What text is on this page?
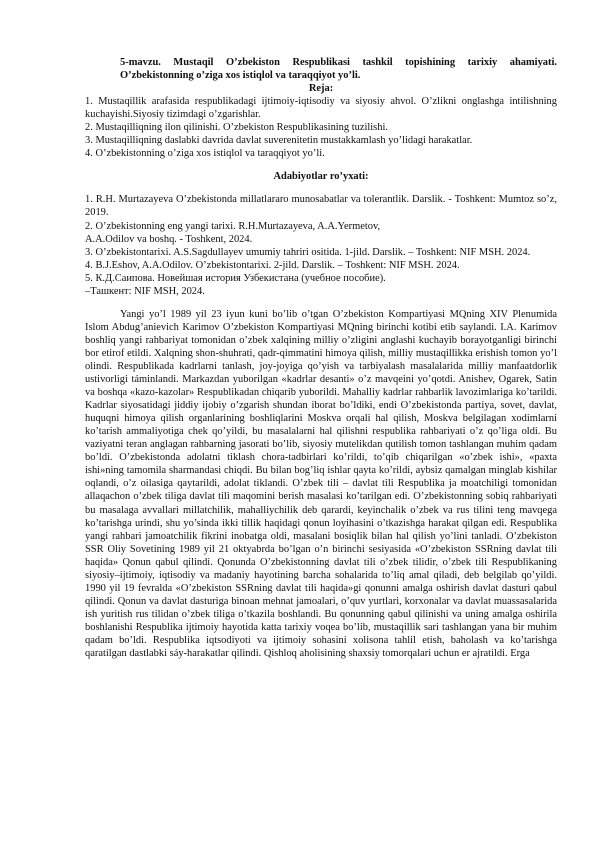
5-mavzu. Mustaqil O’zbekiston Respublikasi tashkil topishining tarixiy ahamiyati. O’zbekistonning o’ziga xos istiqlol va taraqqiyot yo’li.

Reja:

1. Mustaqillik arafasida respublikadagi ijtimoiy-iqtisodiy va siyosiy ahvol. O’zlikni onglashga intilishning kuchayishi.Siyosiy tizimdagi o’zgarishlar.

2. Mustaqilliqning ilon qilinishi. O’zbekiston Respublikasining tuzilishi.

3. Mustaqilliqning daslabki davrida davlat suverenitetin mustakkamlash yo’lidagi harakatlar.

4. O’zbekistonning o’ziga xos istiqlol va taraqqiyot yo’li.

Adabiyotlar ro’yxati:

1. R.H. Murtazayeva O’zbekistonda millatlararo munosabatlar va tolerantlik. Darslik. - Toshkent: Mumtoz so’z, 2019.

2. O’zbekistonning eng yangi tarixi. R.H.Murtazayeva, A.A.Yermetov,

A.A.Odilov va boshq. - Toshkent, 2024.

3. O’zbekistontarixi. A.S.Sagdullayev umumiy tahriri ositida. 1-jild. Darslik. – Toshkent: NIF MSH. 2024.

4. B.J.Eshov, A.A.Odilov. O’zbekistontarixi. 2-jild. Darslik. – Toshkent: NIF MSH. 2024.

5. К.Д.Саипова. Новейшая история Узбекистана (учебное пособие).

–Ташкент: NIF MSH, 2024.

Yangi yo’l 1989 yil 23 iyun kuni bo’lib o’tgan O’zbekiston Kompartiyasi MQning XIV Plenumida Islom Abdug’anievich Karimov O’zbekiston Kompartiyasi MQning birinchi kotibi etib saylandi. I.A. Karimov boshliq yangi rahbariyat tomonidan o’zbek xalqining milliy o’zligini anglashi kuchayib borayotganligi birinchi bor etirof etildi. Xalqning shon-shuhrati, qadr-qimmatini himoya qilish, milliy mustaqillikka erishish tomon yo’l olindi. Respublikada kadrlarni tanlash, joy-joyiga qo’yish va tarbiyalash masalalarida milliy manfaatdorlik ustivorligi táminlandi. Markazdan yuborilgan «kadrlar desanti» o’z mavqeini yo’qotdi. Anishev, Ogarek, Satin va boshqa «kazo-kazolar» Respublikadan chiqarib yuborildi. Mahalliy kadrlar rahbarlik lavozimlariga ko’tarildi. Kadrlar siyosatidagi jiddiy ijobiy o’zgarish shundan iborat bo’ldiki, endi O’zbekistonda partiya, sovet, davlat, huquqni himoya qilish organlarining boshliqlarini Moskva orqali hal qilish, Moskva belgilagan xodimlarni ko’tarish ammaliyotiga chek qo’yildi, bu masalalarni hal qilishni respublika rahbariyati o’z qo’liga oldi. Bu vaziyatni teran anglagan rahbarning jasorati bo’lib, siyosiy mutelikdan qutilish tomon tashlangan muhim qadam bo’ldi. O’zbekistonda adolatni tiklash chora-tadbirlari ko’rildi, to’qib chiqarilgan «o’zbek ishi», «paxta ishi»ning tamomila sharmandasi chiqdi. Bu bilan bog’liq ishlar qayta ko’rildi, aybsiz qamalgan minglab kishilar oqlandi, o’z oilasiga qaytarildi, adolat tiklandi. O’zbek tili – davlat tili Respublika ja moatchiligi tomonidan allaqachon o’zbek tiliga davlat tili maqomini berish masalasi ko’tarilgan edi. O’zbekistonning sobiq rahbariyati bu masalaga avvallari millatchilik, mahalliychilik deb qarardi, keyinchalik o’zbek va rus tilini teng mavqega ko’tarishga urindi, shu yo’sinda ikki tillik haqidagi qonun loyihasini o’tkazishga harakat qilgan edi. Respublika yangi rahbari jamoatchilik fikrini inobatga oldi, masalani bosiqlik bilan hal qilish yo’lini tanladi. O’zbekiston SSR Oliy Sovetining 1989 yil 21 oktyabrda bo’lgan o’n birinchi sesiyasida «O’zbekiston SSRning davlat tili haqida» Qonun qabul qilindi. Qonunda O’zbekistonning davlat tili o’zbek tilidir, o’zbek tili Respublikaning siyosiy–ijtimoiy, iqtisodiy va madaniy hayotining barcha sohalarida to’liq amal qiladi, deb belgilab qo’yildi. 1990 yil 19 fevralda «O’zbekiston SSRning davlat tili haqida»gi qonunni amalga oshirish davlat dasturi qabul qilindi. Qonun va davlat dasturiga binoan mehnat jamoalari, o’quv yurtlari, korxonalar va davlat muassasalarida ish yuritish rus tilidan o’zbek tiliga o’tkazila boshlandi. Bu qonunning qabul qilinishi va uning amalga oshirila boshlanishi Respublika ijtimoiy hayotida katta tarixiy voqea bo’lib, mustaqillik sari tashlangan yana bir muhim qadam bo’ldi. Respublika iqtsodiyoti va ijtimoiy sohasini xolisona tahlil etish, baholash va ko’tarishga qaratilgan dastlabki sáy-harakatlar qilindi. Qishloq aholisining shaxsiy tomorqalari uchun er ajratildi. Erga
